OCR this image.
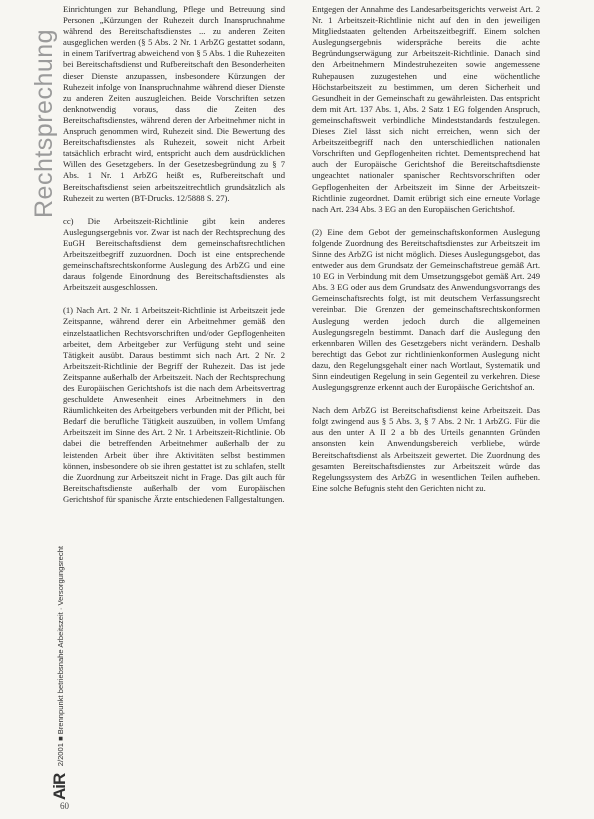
Rechtsprechung

Einrichtungen zur Behandlung, Pflege und Betreuung sind Personen „Kürzungen der Ruhezeit durch Inanspruchnahme während des Bereitschaftsdienstes ... zu anderen Zeiten ausgeglichen werden (§ 5 Abs. 2 Nr. 1 ArbZG gestattet sodann, in einem Tarifvertrag abweichend von § 5 Abs. 1 die Ruhezeiten bei Bereitschaftsdienst und Rufbereitschaft den Besonderheiten dieser Dienste anzupassen, insbesondere Kürzungen der Ruhezeit infolge von Inanspruchnahme während dieser Dienste zu anderen Zeiten auszugleichen. Beide Vorschriften setzen denknotwendig voraus, dass die Zeiten des Bereitschaftsdienstes, während deren der Arbeitnehmer nicht in Anspruch genommen wird, Ruhezeit sind. Die Bewertung des Bereitschaftsdienstes als Ruhezeit, soweit nicht Arbeit tatsächlich erbracht wird, entspricht auch dem ausdrücklichen Willen des Gesetzgebers. In der Gesetzesbegründung zu § 7 Abs. 1 Nr. 1 ArbZG heißt es, Rufbereitschaft und Bereitschaftsdienst seien arbeitszeitrechtlich grundsätzlich als Ruhezeit zu werten (BT-Drucks. 12/5888 S. 27).

cc) Die Arbeitszeit-Richtlinie gibt kein anderes Auslegungsergebnis vor. Zwar ist nach der Rechtsprechung des EuGH Bereitschaftsdienst dem gemeinschaftsrechtlichen Arbeitszeitbegriff zuzuordnen. Doch ist eine entsprechende gemeinschaftsrechtskonforme Auslegung des ArbZG und eine daraus folgende Einordnung des Bereitschaftsdienstes als Arbeitszeit ausgeschlossen.

(1) Nach Art. 2 Nr. 1 Arbeitszeit-Richtlinie ist Arbeitszeit jede Zeitspanne, während derer ein Arbeitnehmer gemäß den einzelstaatlichen Rechtsvorschriften und/oder Gepflogenheiten arbeitet, dem Arbeitgeber zur Verfügung steht und seine Tätigkeit ausübt. Daraus bestimmt sich nach Art. 2 Nr. 2 Arbeitszeit-Richtlinie der Begriff der Ruhezeit. Das ist jede Zeitspanne außerhalb der Arbeitszeit. Nach der Rechtsprechung des Europäischen Gerichtshofs ist die nach dem Arbeitsvertrag geschuldete Anwesenheit eines Arbeitnehmers in den Räumlichkeiten des Arbeitgebers verbunden mit der Pflicht, bei Bedarf die berufliche Tätigkeit auszuüben, in vollem Umfang Arbeitszeit im Sinne des Art. 2 Nr. 1 Arbeitszeit-Richtlinie. Ob dabei die betreffenden Arbeitnehmer außerhalb der zu leistenden Arbeit über ihre Aktivitäten selbst bestimmen können, insbesondere ob sie ihren gestattet ist zu schlafen, stellt die Zuordnung zur Arbeitszeit nicht in Frage. Das gilt auch für Bereitschaftsdienste außerhalb der vom Europäischen Gerichtshof für spanische Ärzte entschiedenen Fallgestaltungen.

Entgegen der Annahme des Landesarbeitsgerichts verweist Art. 2 Nr. 1 Arbeitszeit-Richtlinie nicht auf den in den jeweiligen Mitgliedstaaten geltenden Arbeitszeitbegriff. Einem solchen Auslegungsergebnis widerspräche bereits die achte Begründungserwägung zur Arbeitszeit-Richtlinie. Danach sind den Arbeitnehmern Mindestruhezeiten sowie angemessene Ruhepausen zuzugestehen und eine wöchentliche Höchstarbeitszeit zu bestimmen, um deren Sicherheit und Gesundheit in der Gemeinschaft zu gewährleisten. Das entspricht dem mit Art. 137 Abs. 1, Abs. 2 Satz 1 EG folgenden Anspruch, gemeinschaftsweit verbindliche Mindeststandards festzulegen. Dieses Ziel lässt sich nicht erreichen, wenn sich der Arbeitszeitbegriff nach den unterschiedlichen nationalen Vorschriften und Gepflogenheiten richtet. Dementsprechend hat auch der Europäische Gerichtshof die Bereitschaftsdienste ungeachtet nationaler spanischer Rechtsvorschriften oder Gepflogenheiten der Arbeitszeit im Sinne der Arbeitszeit-Richtlinie zugeordnet. Damit erübrigt sich eine erneute Vorlage nach Art. 234 Abs. 3 EG an den Europäischen Gerichtshof.

(2) Eine dem Gebot der gemeinschaftskonformen Auslegung folgende Zuordnung des Bereitschaftsdienstes zur Arbeitszeit im Sinne des ArbZG ist nicht möglich. Dieses Auslegungsgebot, das entweder aus dem Grundsatz der Gemeinschaftstreue gemäß Art. 10 EG in Verbindung mit dem Umsetzungsgebot gemäß Art. 249 Abs. 3 EG oder aus dem Grundsatz des Anwendungsvorrangs des Gemeinschaftsrechts folgt, ist mit deutschem Verfassungsrecht vereinbar. Die Grenzen der gemeinschaftsrechtskonformen Auslegung werden jedoch durch die allgemeinen Auslegungsregeln bestimmt. Danach darf die Auslegung den erkennbaren Willen des Gesetzgebers nicht verändern. Deshalb berechtigt das Gebot zur richtlinienkonformen Auslegung nicht dazu, den Regelungsgehalt einer nach Wortlaut, Systematik und Sinn eindeutigen Regelung in sein Gegenteil zu verkehren. Diese Auslegungsgrenze erkennt auch der Europäische Gerichtshof an.

Nach dem ArbZG ist Bereitschaftsdienst keine Arbeitszeit. Das folgt zwingend aus § 5 Abs. 3, § 7 Abs. 2 Nr. 1 ArbZG. Für die aus den unter A II 2 a bb des Urteils genannten Gründen ansonsten kein Anwendungsbereich verbliebe, würde Bereitschaftsdienst als Arbeitszeit gewertet. Die Zuordnung des gesamten Bereitschaftsdienstes zur Arbeitszeit würde das Regelungssystem des ArbZG in wesentlichen Teilen aufheben. Eine solche Befugnis steht den Gerichten nicht zu.

AiR 2/2001 ■ Brennpunkt betriebsnahe Arbeitszeit · Versorgungsrecht
60
